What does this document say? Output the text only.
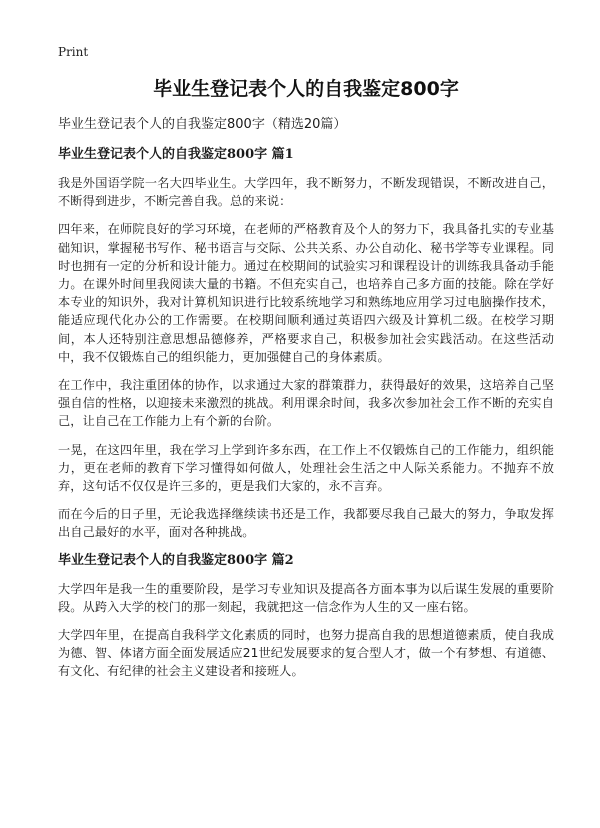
Print
毕业生登记表个人的自我鉴定800字
毕业生登记表个人的自我鉴定800字（精选20篇）
毕业生登记表个人的自我鉴定800字 篇1

我是外国语学院一名大四毕业生。大学四年，我不断努力，不断发现错误，不断改进自己，不断得到进步，不断完善自我。总的来说：

四年来，在师院良好的学习环境，在老师的严格教育及个人的努力下，我具备扎实的专业基础知识，掌握秘书写作、秘书语言与交际、公共关系、办公自动化、秘书学等专业课程。同时也拥有一定的分析和设计能力。通过在校期间的试验实习和课程设计的训练我具备动手能力。在课外时间里我阅读大量的书籍。不但充实自己，也培养自己多方面的技能。除在学好本专业的知识外，我对计算机知识进行比较系统地学习和熟练地应用学习过电脑操作技术，能适应现代化办公的工作需要。在校期间顺利通过英语四六级及计算机二级。在校学习期间，本人还特别注意思想品德修养，严格要求自己，积极参加社会实践活动。在这些活动中，我不仅锻炼自己的组织能力，更加强健自己的身体素质。

在工作中，我注重团体的协作，以求通过大家的群策群力，获得最好的效果，这培养自己坚强自信的性格，以迎接未来激烈的挑战。利用课余时间，我多次参加社会工作不断的充实自己，让自己在工作能力上有个新的台阶。

一晃，在这四年里，我在学习上学到许多东西，在工作上不仅锻炼自己的工作能力，组织能力，更在老师的教育下学习懂得如何做人，处理社会生活之中人际关系能力。不抛弃不放弃，这句话不仅仅是许三多的，更是我们大家的，永不言弃。

而在今后的日子里，无论我选择继续读书还是工作，我都要尽我自己最大的努力，争取发挥出自己最好的水平，面对各种挑战。

毕业生登记表个人的自我鉴定800字 篇2

大学四年是我一生的重要阶段，是学习专业知识及提高各方面本事为以后谋生发展的重要阶段。从跨入大学的校门的那一刻起，我就把这一信念作为人生的又一座右铭。

大学四年里，在提高自我科学文化素质的同时，也努力提高自我的思想道德素质，使自我成为德、智、体诸方面全面发展适应21世纪发展要求的复合型人才，做一个有梦想、有道德、有文化、有纪律的社会主义建设者和接班人。
